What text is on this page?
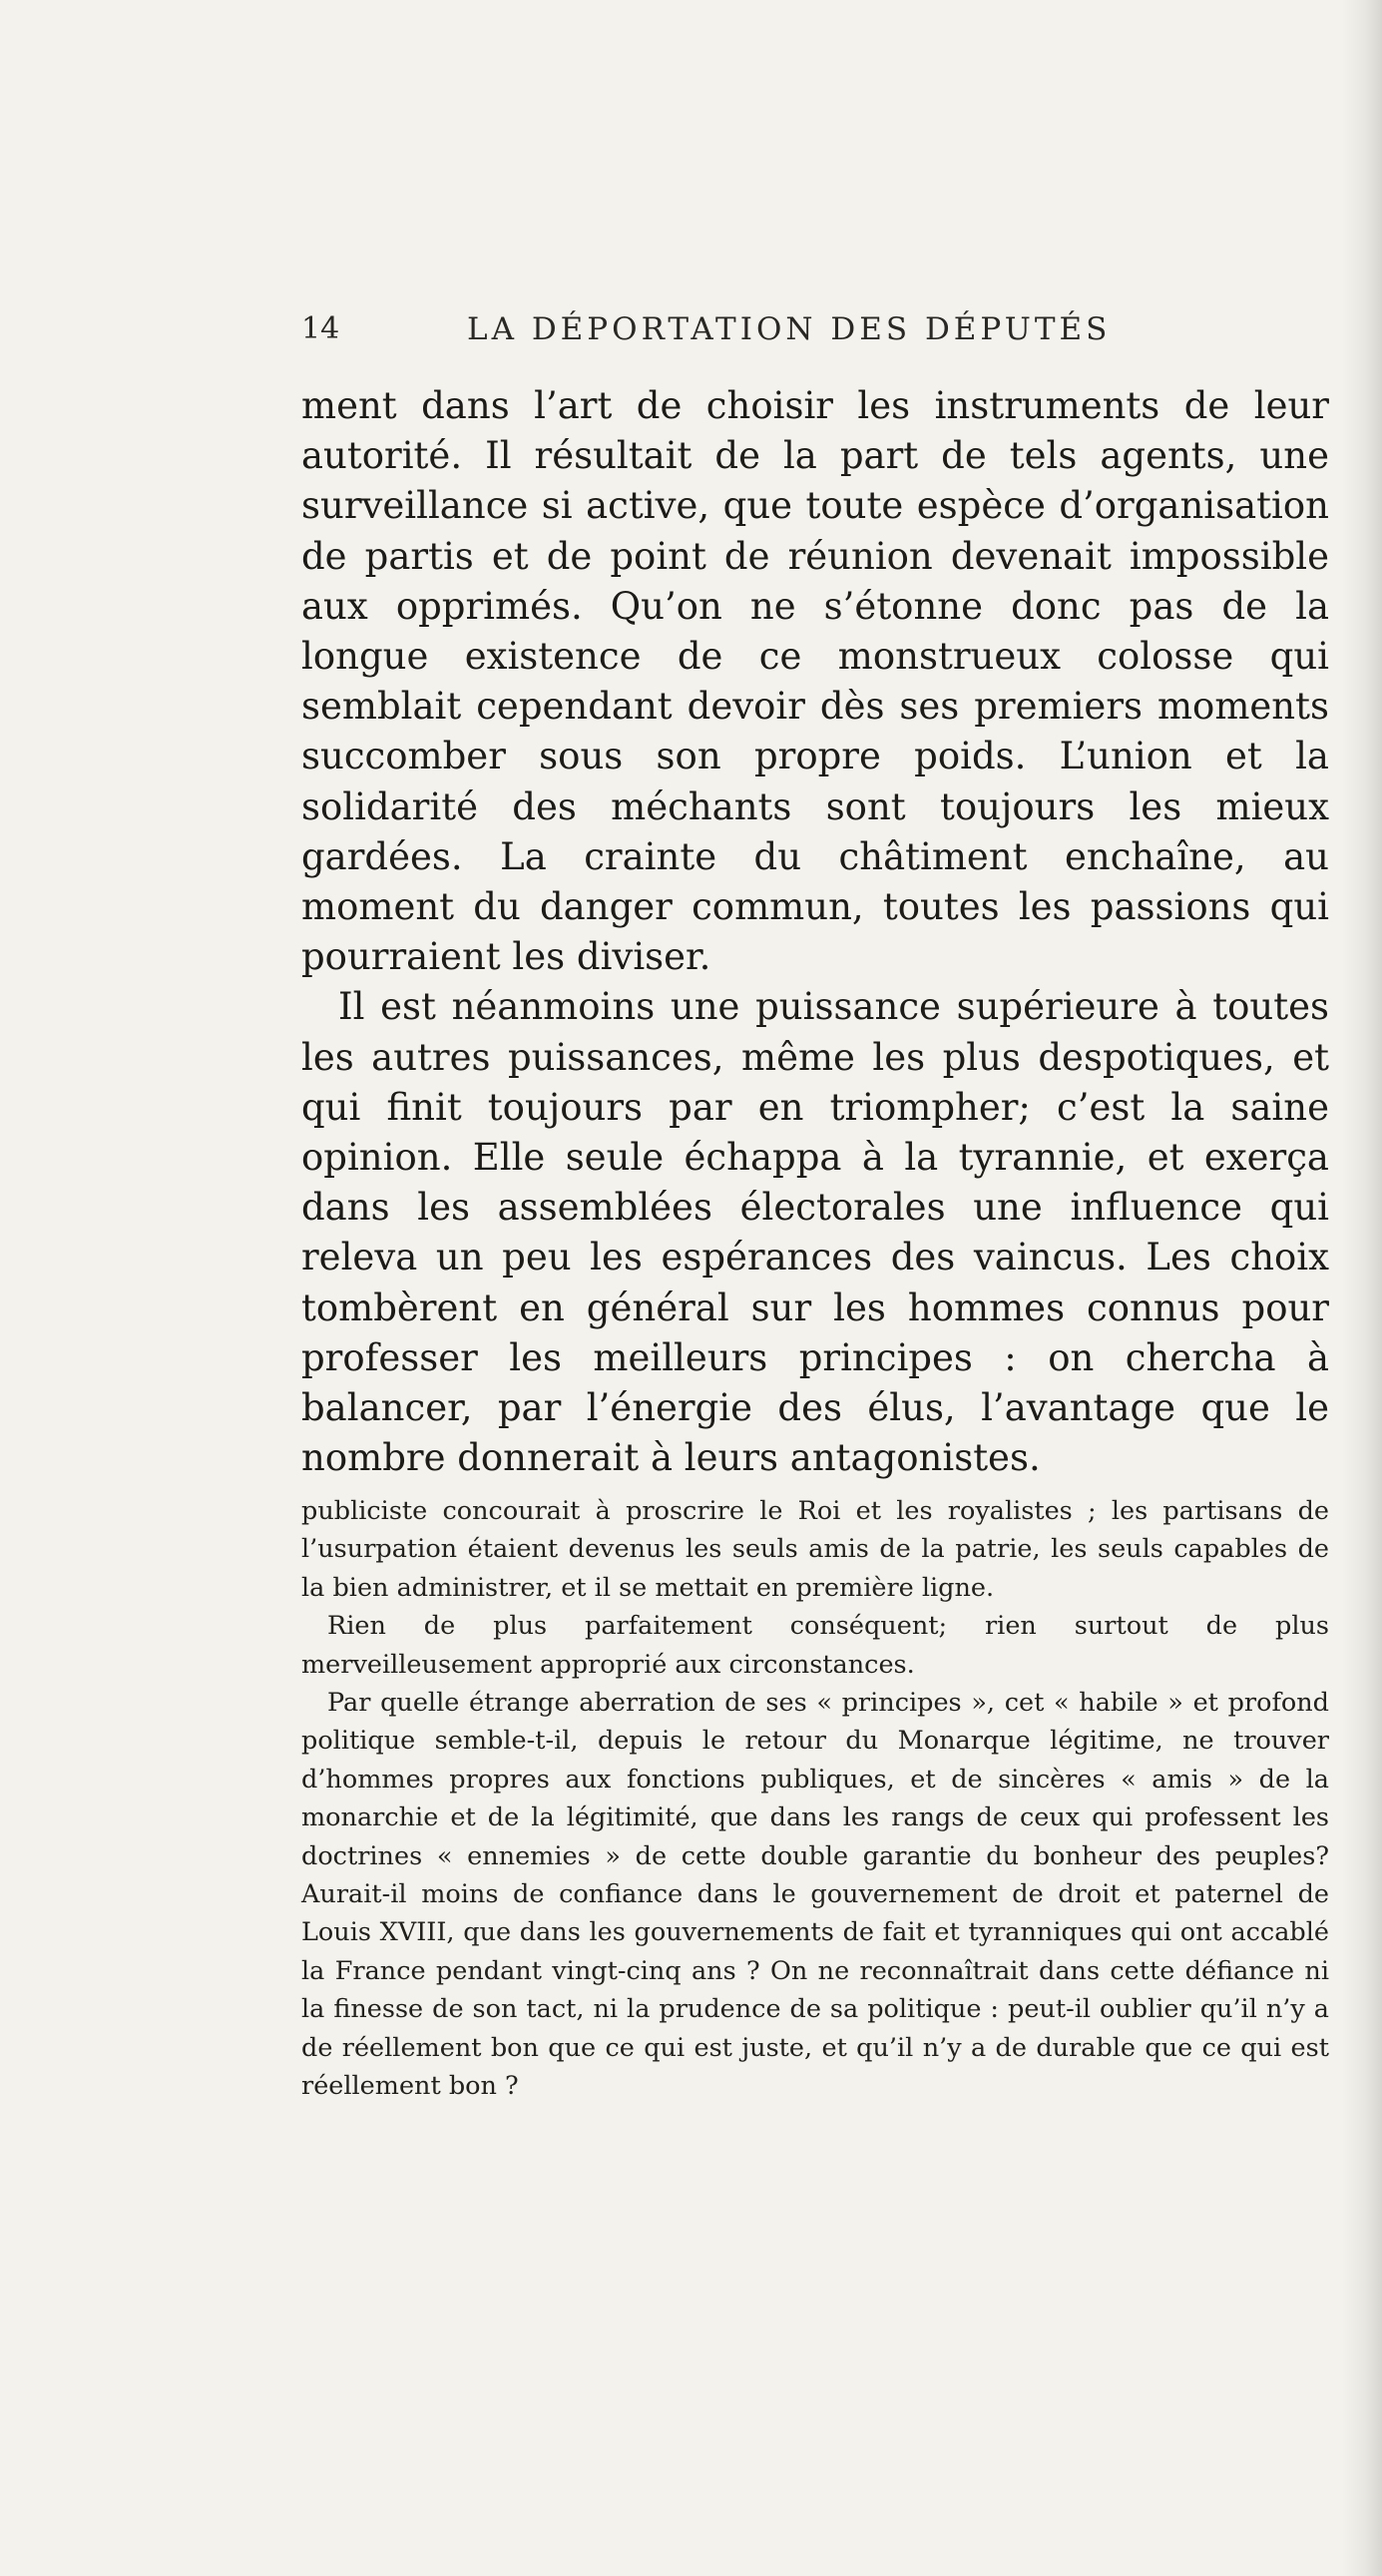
14	LA DÉPORTATION DES DÉPUTÉS

ment dans l’art de choisir les instruments de leur autorité. Il résultait de la part de tels agents, une surveillance si active, que toute espèce d’organisation de partis et de point de réunion devenait impossible aux opprimés. Qu’on ne s’étonne donc pas de la longue existence de ce monstrueux colosse qui semblait cependant devoir dès ses premiers moments succomber sous son propre poids. L’union et la solidarité des méchants sont toujours les mieux gardées. La crainte du châtiment enchaîne, au moment du danger commun, toutes les passions qui pourraient les diviser.

Il est néanmoins une puissance supérieure à toutes les autres puissances, même les plus despotiques, et qui finit toujours par en triompher; c’est la saine opinion. Elle seule échappa à la tyrannie, et exerça dans les assemblées électorales une influence qui releva un peu les espérances des vaincus. Les choix tombèrent en général sur les hommes connus pour professer les meilleurs principes : on chercha à balancer, par l’énergie des élus, l’avantage que le nombre donnerait à leurs antagonistes.

publiciste concourait à proscrire le Roi et les royalistes ; les partisans de l’usurpation étaient devenus les seuls amis de la patrie, les seuls capables de la bien administrer, et il se mettait en première ligne.

Rien de plus parfaitement conséquent; rien surtout de plus merveilleusement approprié aux circonstances.

Par quelle étrange aberration de ses « principes », cet « habile » et profond politique semble-t-il, depuis le retour du Monarque légitime, ne trouver d’hommes propres aux fonctions publiques, et de sincères « amis » de la monarchie et de la légitimité, que dans les rangs de ceux qui professent les doctrines « ennemies » de cette double garantie du bonheur des peuples? Aurait-il moins de confiance dans le gouvernement de droit et paternel de Louis XVIII, que dans les gouvernements de fait et tyranniques qui ont accablé la France pendant vingt-cinq ans ? On ne reconnaîtrait dans cette défiance ni la finesse de son tact, ni la prudence de sa politique : peut-il oublier qu’il n’y a de réellement bon que ce qui est juste, et qu’il n’y a de durable que ce qui est réellement bon ?
